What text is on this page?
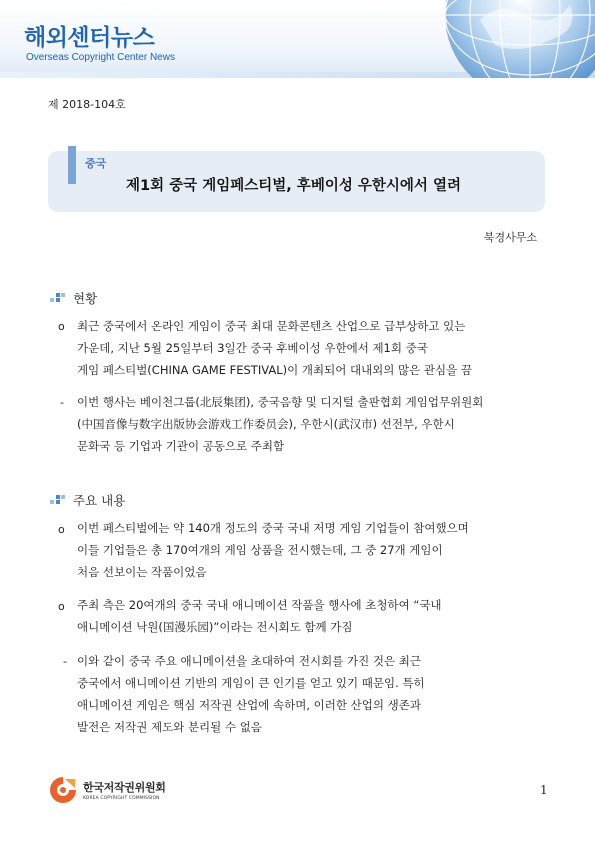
해외센터뉴스
Overseas Copyright Center News
제 2018-104호
중국
제1회 중국 게임페스티벌, 후베이성 우한시에서 열려
북경사무소
현황
o 최근 중국에서 온라인 게임이 중국 최대 문화콘텐츠 산업으로 급부상하고 있는
가운데, 지난 5월 25일부터 3일간 중국 후베이성 우한에서 제1회 중국
게임 페스티벌(CHINA GAME FESTIVAL)이 개최되어 대내외의 많은 관심을 끔
- 이번 행사는 베이천그룹(北辰集团), 중국음향 및 디지털 출판협회 게임업무위원회
(中国音像与数字出版协会游戏工作委员会), 우한시(武汉市) 선전부, 우한시
문화국 등 기업과 기관이 공동으로 주최함
주요 내용
o 이번 페스티벌에는 약 140개 정도의 중국 국내 저명 게임 기업들이 참여했으며
이들 기업들은 총 170여개의 게임 상품을 전시했는데, 그 중 27개 게임이
처음 선보이는 작품이었음
o 주최 측은 20여개의 중국 국내 애니메이션 작품을 행사에 초청하여 “국내
애니메이션 낙원(国漫乐园)”이라는 전시회도 함께 가짐
- 이와 같이 중국 주요 애니메이션을 초대하여 전시회를 가진 것은 최근
중국에서 애니메이션 기반의 게임이 큰 인기를 얻고 있기 때문임. 특히
애니메이션 게임은 핵심 저작권 산업에 속하며, 이러한 산업의 생존과
발전은 저작권 제도와 분리될 수 없음
한국저작권위원회
KOREA COPYRIGHT COMMISSION
1
